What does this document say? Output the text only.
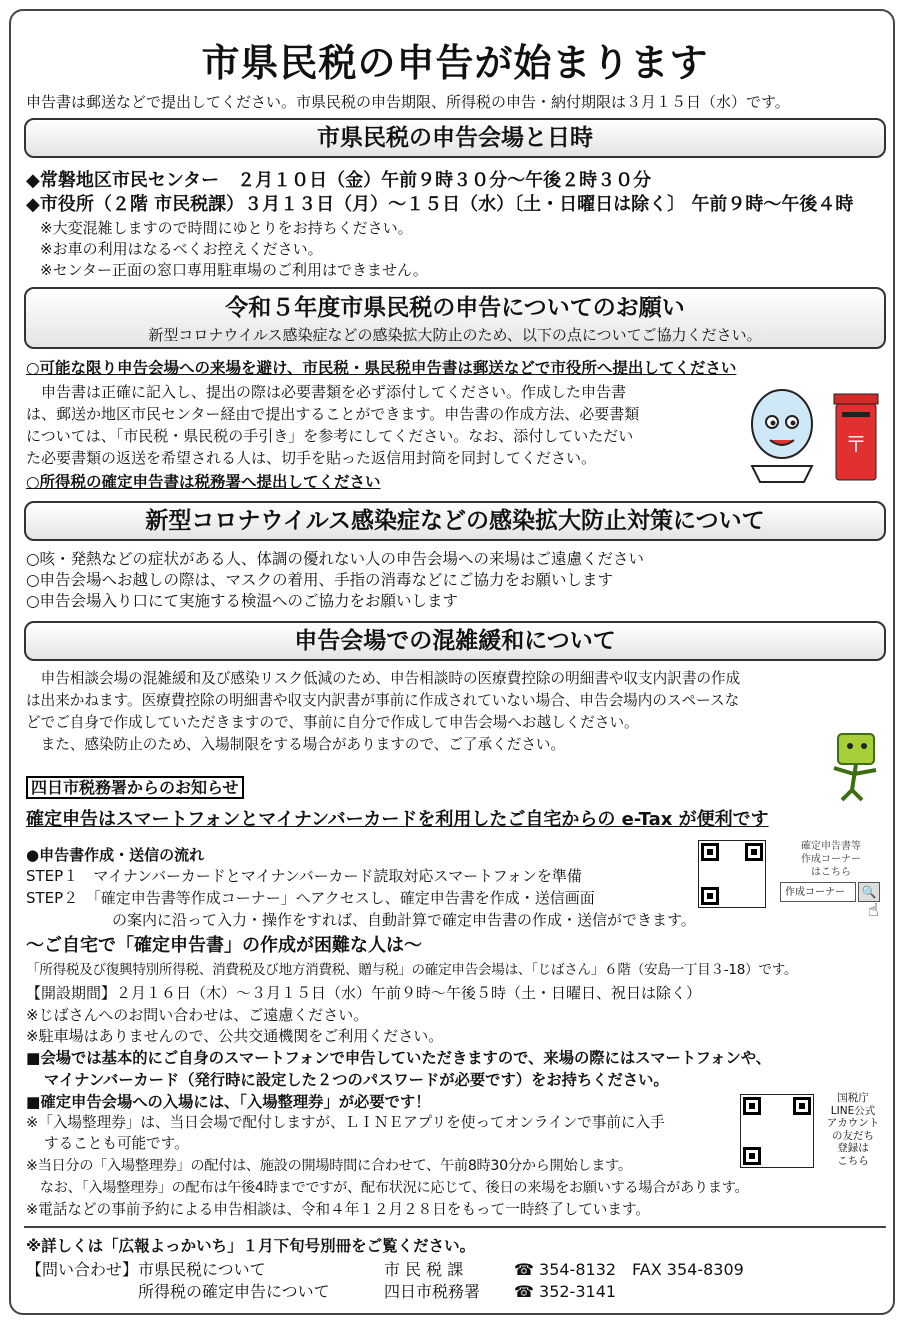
市県民税の申告が始まります
申告書は郵送などで提出してください。市県民税の申告期限、所得税の申告・納付期限は３月１５日（水）です。
市県民税の申告会場と日時
◆常磐地区市民センター　２月１０日（金）午前９時３０分～午後２時３０分
◆市役所（２階 市民税課）３月１３日（月）～１５日（水）〔土・日曜日は除く〕 午前９時～午後４時
※大変混雑しますので時間にゆとりをお持ちください。
※お車の利用はなるべくお控えください。
※センター正面の窓口専用駐車場のご利用はできません。
令和５年度市県民税の申告についてのお願い
新型コロナウイルス感染症などの感染拡大防止のため、以下の点についてご協力ください。
○可能な限り申告会場への来場を避け、市民税・県民税申告書は郵送などで市役所へ提出してください
　申告書は正確に記入し、提出の際は必要書類を必ず添付してください。作成した申告書
は、郵送か地区市民センター経由で提出することができます。申告書の作成方法、必要書類
については、「市民税・県民税の手引き」を参考にしてください。なお、添付していただい
た必要書類の返送を希望される人は、切手を貼った返信用封筒を同封してください。
○所得税の確定申告書は税務署へ提出してください
〒
新型コロナウイルス感染症などの感染拡大防止対策について
○咳・発熱などの症状がある人、体調の優れない人の申告会場への来場はご遠慮ください
○申告会場へお越しの際は、マスクの着用、手指の消毒などにご協力をお願いします
○申告会場入り口にて実施する検温へのご協力をお願いします
申告会場での混雑緩和について
　申告相談会場の混雑緩和及び感染リスク低減のため、申告相談時の医療費控除の明細書や収支内訳書の作成
は出来かねます。医療費控除の明細書や収支内訳書が事前に作成されていない場合、申告会場内のスペースな
どでご自身で作成していただきますので、事前に自分で作成して申告会場へお越しください。
　また、感染防止のため、入場制限をする場合がありますので、ご了承ください。
四日市税務署からのお知らせ
確定申告はスマートフォンとマイナンバーカードを利用したご自宅からの e-Tax が便利です
●申告書作成・送信の流れ
STEP１　マイナンバーカードとマイナンバーカード読取対応スマートフォンを準備
STEP２　「確定申告書等作成コーナー」へアクセスし、確定申告書を作成・送信画面
の案内に沿って入力・操作をすれば、自動計算で確定申告書の作成・送信ができます。
確定申告書等
作成コーナー
はこちら
作成コーナー	🔍
☝
～ご自宅で「確定申告書」の作成が困難な人は～
「所得税及び復興特別所得税、消費税及び地方消費税、贈与税」の確定申告会場は、「じばさん」６階（安島一丁目３-18）です。
【開設期間】２月１６日（木）～３月１５日（水）午前９時～午後５時（土・日曜日、祝日は除く）
※じばさんへのお問い合わせは、ご遠慮ください。
※駐車場はありませんので、公共交通機関をご利用ください。
■会場では基本的にご自身のスマートフォンで申告していただきますので、来場の際にはスマートフォンや、
マイナンバーカード（発行時に設定した２つのパスワードが必要です）をお持ちください。
■確定申告会場への入場には、「入場整理券」が必要です！
※「入場整理券」は、当日会場で配付しますが、ＬＩＮＥアプリを使ってオンラインで事前に入手
することも可能です。
※当日分の「入場整理券」の配付は、施設の開場時間に合わせて、午前8時30分から開始します。
　なお、「入場整理券」の配布は午後4時までですが、配布状況に応じて、後日の来場をお願いする場合があります。
※電話などの事前予約による申告相談は、令和４年１２月２８日をもって一時終了しています。
国税庁
LINE公式
アカウント
の友だち
登録は
こちら
※詳しくは「広報よっかいち」１月下旬号別冊をご覧ください。
【問い合わせ】 市県民税について	市 民 税 課	☎ 354-8132　FAX 354-8309
所得税の確定申告について	四日市税務署 ☎ 352-3141
